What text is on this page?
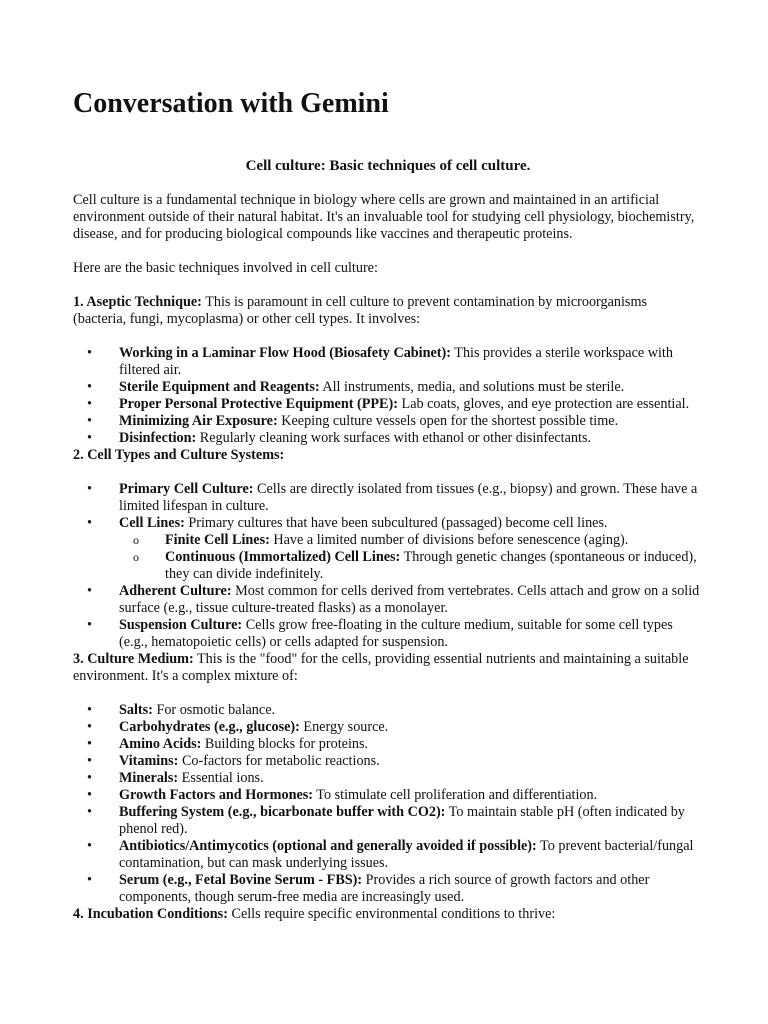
Conversation with Gemini
Cell culture: Basic techniques of cell culture.

Cell culture is a fundamental technique in biology where cells are grown and maintained in an artificial environment outside of their natural habitat. It's an invaluable tool for studying cell physiology, biochemistry, disease, and for producing biological compounds like vaccines and therapeutic proteins.

Here are the basic techniques involved in cell culture:

1. Aseptic Technique: This is paramount in cell culture to prevent contamination by microorganisms (bacteria, fungi, mycoplasma) or other cell types. It involves:

• Working in a Laminar Flow Hood (Biosafety Cabinet): This provides a sterile workspace with filtered air.
• Sterile Equipment and Reagents: All instruments, media, and solutions must be sterile.
• Proper Personal Protective Equipment (PPE): Lab coats, gloves, and eye protection are essential.
• Minimizing Air Exposure: Keeping culture vessels open for the shortest possible time.
• Disinfection: Regularly cleaning work surfaces with ethanol or other disinfectants.

2. Cell Types and Culture Systems:

• Primary Cell Culture: Cells are directly isolated from tissues (e.g., biopsy) and grown. These have a limited lifespan in culture.
• Cell Lines: Primary cultures that have been subcultured (passaged) become cell lines.
o Finite Cell Lines: Have a limited number of divisions before senescence (aging).
o Continuous (Immortalized) Cell Lines: Through genetic changes (spontaneous or induced), they can divide indefinitely.
• Adherent Culture: Most common for cells derived from vertebrates. Cells attach and grow on a solid surface (e.g., tissue culture-treated flasks) as a monolayer.
• Suspension Culture: Cells grow free-floating in the culture medium, suitable for some cell types (e.g., hematopoietic cells) or cells adapted for suspension.

3. Culture Medium: This is the "food" for the cells, providing essential nutrients and maintaining a suitable environment. It's a complex mixture of:

• Salts: For osmotic balance.
• Carbohydrates (e.g., glucose): Energy source.
• Amino Acids: Building blocks for proteins.
• Vitamins: Co-factors for metabolic reactions.
• Minerals: Essential ions.
• Growth Factors and Hormones: To stimulate cell proliferation and differentiation.
• Buffering System (e.g., bicarbonate buffer with CO2): To maintain stable pH (often indicated by phenol red).
• Antibiotics/Antimycotics (optional and generally avoided if possible): To prevent bacterial/fungal contamination, but can mask underlying issues.
• Serum (e.g., Fetal Bovine Serum - FBS): Provides a rich source of growth factors and other components, though serum-free media are increasingly used.

4. Incubation Conditions: Cells require specific environmental conditions to thrive:
